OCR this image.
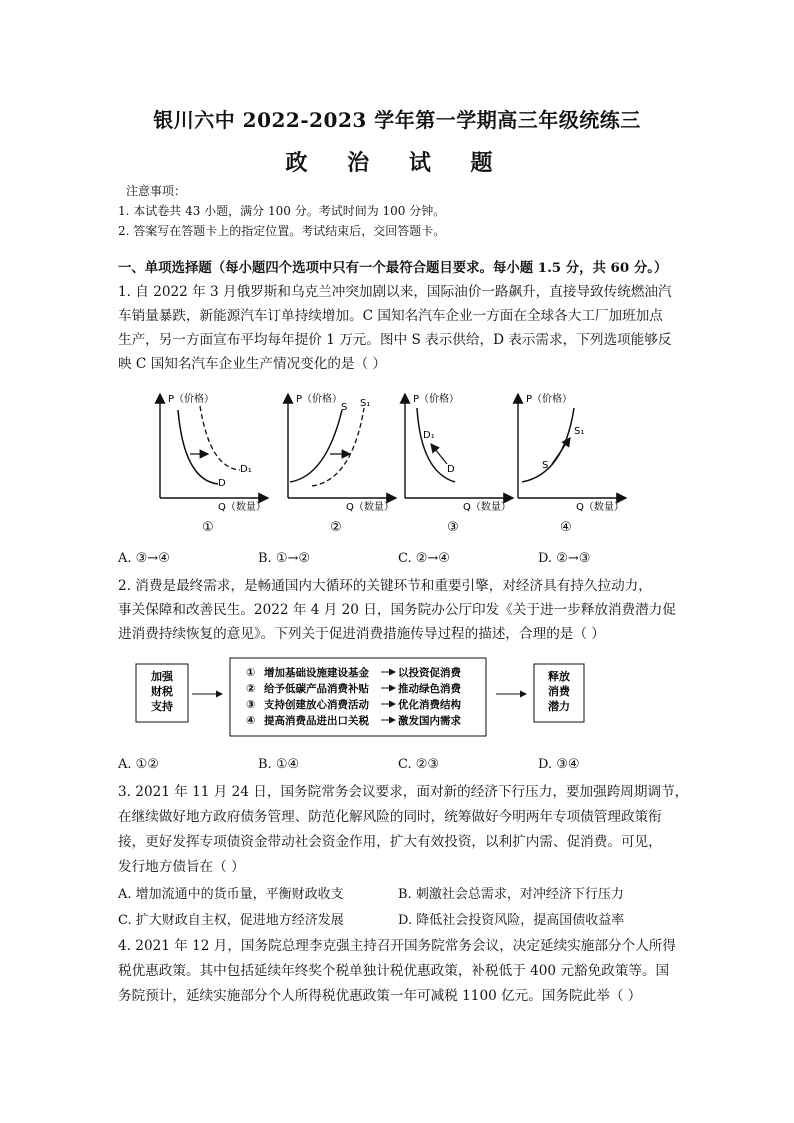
银川六中 2022-2023 学年第一学期高三年级统练三
政 治 试 题
注意事项：
1. 本试卷共 43 小题，满分 100 分。考试时间为 100 分钟。
2. 答案写在答题卡上的指定位置。考试结束后，交回答题卡。
一、单项选择题（每小题四个选项中只有一个最符合题目要求。每小题 1.5 分，共 60 分。）
1. 自 2022 年 3 月俄罗斯和乌克兰冲突加剧以来，国际油价一路飙升，直接导致传统燃油汽
车销量暴跌，新能源汽车订单持续增加。C 国知名汽车企业一方面在全球各大工厂加班加点
生产，另一方面宣布平均每年提价 1 万元。图中 S 表示供给，D 表示需求，下列选项能够反
映 C 国知名汽车企业生产情况变化的是（ ）
P（价格）
Q（数量）
D
D₁
①
P（价格）
Q（数量）
S S₁
②
P（价格）
Q（数量）
D₁
D
③
P（价格）
Q（数量）
S₁
S
④
A. ③→④	B. ①→②	C. ②→④	D. ②→③
2. 消费是最终需求，是畅通国内大循环的关键环节和重要引擎，对经济具有持久拉动力，
事关保障和改善民生。2022 年 4 月 20 日，国务院办公厅印发《关于进一步释放消费潜力促
进消费持续恢复的意见》。下列关于促进消费措施传导过程的描述，合理的是（ ）
加强
财税
支持
① 增加基础设施建设基金	以投资促消费
② 给予低碳产品消费补贴	推动绿色消费
③ 支持创建放心消费活动	优化消费结构
④ 提高消费品进出口关税	激发国内需求
释放
消费
潜力
A. ①②	B. ①④	C. ②③	D. ③④
3. 2021 年 11 月 24 日，国务院常务会议要求，面对新的经济下行压力，要加强跨周期调节，
在继续做好地方政府债务管理、防范化解风险的同时，统筹做好今明两年专项债管理政策衔
接，更好发挥专项债资金带动社会资金作用，扩大有效投资，以利扩内需、促消费。可见，
发行地方债旨在（ ）
A. 增加流通中的货币量，平衡财政收支	B. 刺激社会总需求，对冲经济下行压力
C. 扩大财政自主权，促进地方经济发展	D. 降低社会投资风险，提高国债收益率
4. 2021 年 12 月，国务院总理李克强主持召开国务院常务会议，决定延续实施部分个人所得
税优惠政策。其中包括延续年终奖个税单独计税优惠政策，补税低于 400 元豁免政策等。国
务院预计，延续实施部分个人所得税优惠政策一年可减税 1100 亿元。国务院此举（ ）
